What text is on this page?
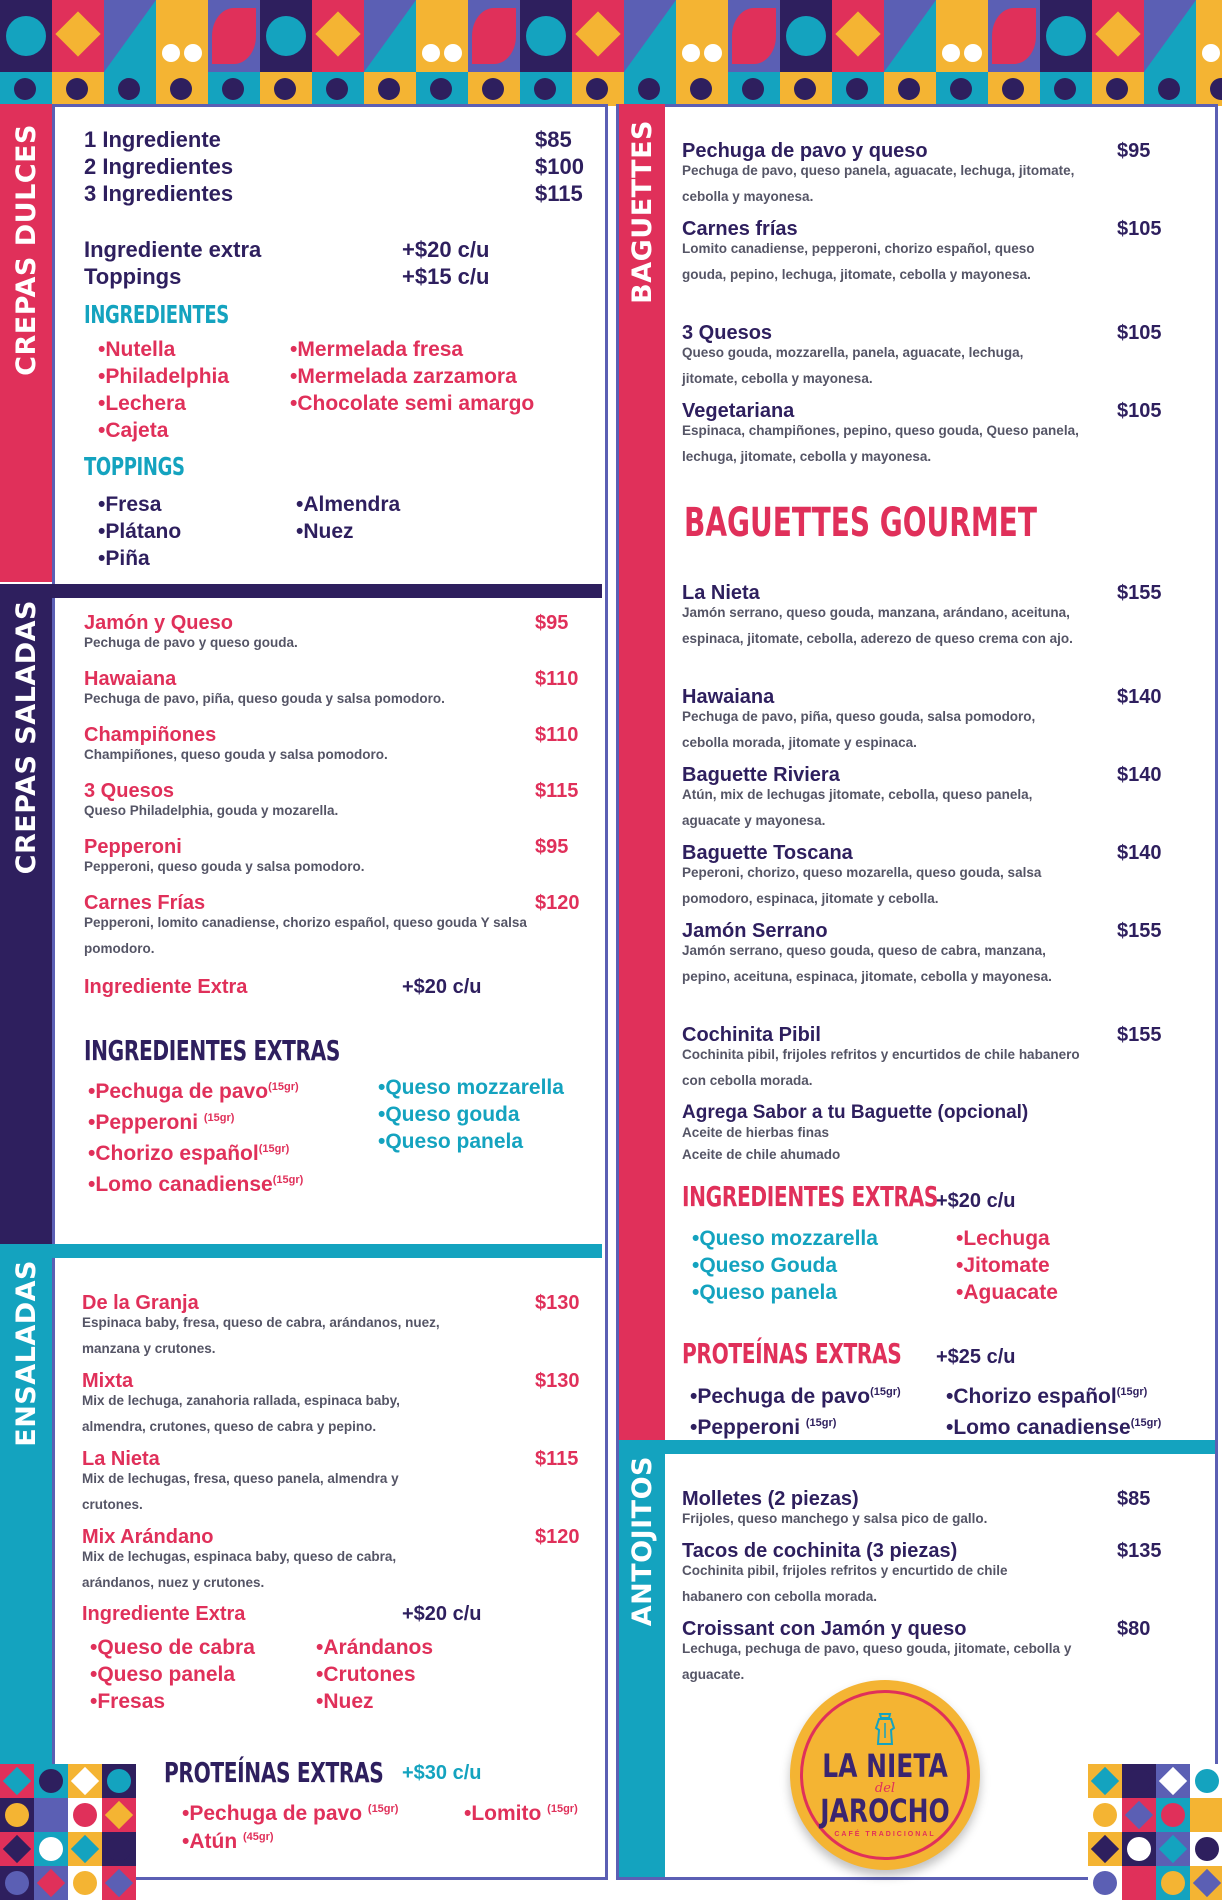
CREPAS DULCES
CREPAS SALADAS
ENSALADAS
BAGUETTES
ANTOJITOS
1 Ingrediente	$85
2 Ingredientes	$100
3 Ingredientes	$115
Ingrediente extra	+$20 c/u
Toppings	+$15 c/u
INGREDIENTES
•Nutella
•Philadelphia
•Lechera
•Cajeta
•Mermelada fresa
•Mermelada zarzamora
•Chocolate semi amargo
TOPPINGS
•Fresa
•Plátano
•Piña
•Almendra
•Nuez
Jamón y Queso	$95
Pechuga de pavo y queso gouda.
Hawaiana	$110
Pechuga de pavo, piña, queso gouda y salsa pomodoro.
Champiñones	$110
Champiñones, queso gouda y salsa pomodoro.
3 Quesos	$115
Queso Philadelphia, gouda y mozarella.
Pepperoni	$95
Pepperoni, queso gouda y salsa pomodoro.
Carnes Frías	$120
Pepperoni, lomito canadiense, chorizo español, queso gouda Y salsa pomodoro.
Ingrediente Extra	+$20 c/u
INGREDIENTES EXTRAS
•Pechuga de pavo$^{(15gr)}$
•Pepperoni $^{(15gr)}$
•Chorizo español$^{(15gr)}$
•Lomo canadiense$^{(15gr)}$
•Queso mozzarella
•Queso gouda
•Queso panela
De la Granja	$130
Espinaca baby, fresa, queso de cabra, arándanos, nuez, manzana y crutones.
Mixta	$130
Mix de lechuga, zanahoria rallada, espinaca baby, almendra, crutones, queso de cabra y pepino.
La Nieta	$115
Mix de lechugas, fresa, queso panela, almendra y crutones.
Mix Arándano	$120
Mix de lechugas, espinaca baby, queso de cabra, arándanos, nuez y crutones.
Ingrediente Extra	+$20 c/u
•Queso de cabra
•Queso panela
•Fresas
•Arándanos
•Crutones
•Nuez
PROTEÍNAS EXTRAS +$30 c/u
•Pechuga de pavo $^{(15gr)}$	•Lomito $^{(15gr)}$
•Atún $^{(45gr)}$
Pechuga de pavo y queso	$95
Pechuga de pavo, queso panela, aguacate, lechuga, jitomate, cebolla y mayonesa.
Carnes frías	$105
Lomito canadiense, pepperoni, chorizo español, queso gouda, pepino, lechuga, jitomate, cebolla y mayonesa.
3 Quesos	$105
Queso gouda, mozzarella, panela, aguacate, lechuga, jitomate, cebolla y mayonesa.
Vegetariana	$105
Espinaca, champiñones, pepino, queso gouda, Queso panela, lechuga, jitomate, cebolla y mayonesa.
BAGUETTES GOURMET
La Nieta	$155
Jamón serrano, queso gouda, manzana, arándano, aceituna, espinaca, jitomate, cebolla, aderezo de queso crema con ajo.
Hawaiana	$140
Pechuga de pavo, piña, queso gouda, salsa pomodoro, cebolla morada, jitomate y espinaca.
Baguette Riviera	$140
Atún, mix de lechugas jitomate, cebolla, queso panela, aguacate y mayonesa.
Baguette Toscana	$140
Peperoni, chorizo, queso mozarella, queso gouda, salsa pomodoro, espinaca, jitomate y cebolla.
Jamón Serrano	$155
Jamón serrano, queso gouda, queso de cabra, manzana, pepino, aceituna, espinaca, jitomate, cebolla y mayonesa.
Cochinita Pibil	$155
Cochinita pibil, frijoles refritos y encurtidos de chile habanero con cebolla morada.
Agrega Sabor a tu Baguette (opcional)
Aceite de hierbas finas
Aceite de chile ahumado
INGREDIENTES EXTRAS
+$20 c/u
•Queso mozzarella
•Queso Gouda
•Queso panela
•Lechuga
•Jitomate
•Aguacate
PROTEÍNAS EXTRAS +$25 c/u
•Pechuga de pavo$^{(15gr)}$
•Pepperoni $^{(15gr)}$
•Chorizo español$^{(15gr)}$
•Lomo canadiense$^{(15gr)}$
Molletes (2 piezas)	$85
Frijoles, queso manchego y salsa pico de gallo.
Tacos de cochinita (3 piezas)	$135
Cochinita pibil, frijoles refritos y encurtido de chile habanero con cebolla morada.
Croissant con Jamón y queso	$80
Lechuga, pechuga de pavo, queso gouda, jitomate, cebolla y aguacate.
LA NIETA
del
JAROCHO
CAFÉ TRADICIONAL
